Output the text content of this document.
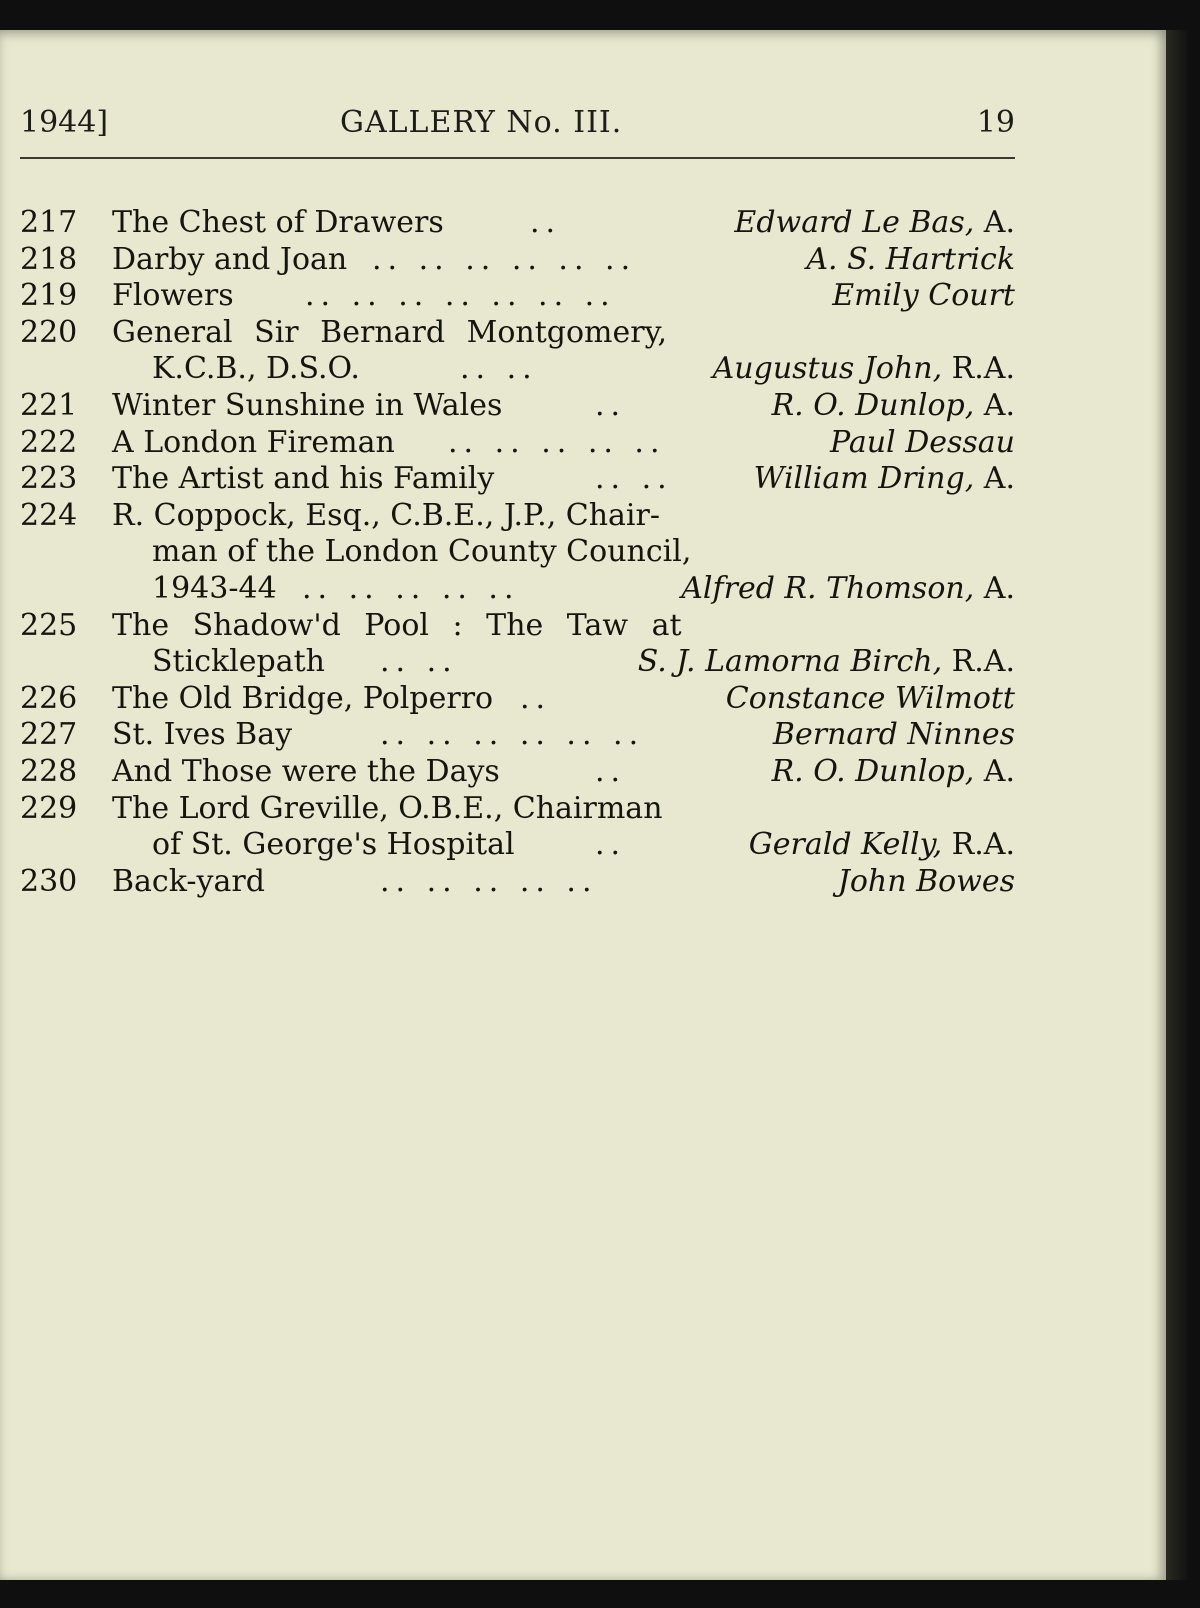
1944]	GALLERY No. III.	19
217 The Chest of Drawers	..	Edward Le Bas, A.
218 Darby and Joan .. .. .. .. .. ..	A. S. Hartrick
219 Flowers .. .. .. .. .. .. ..	Emily Court
220 General Sir Bernard Montgomery,
K.C.B., D.S.O.	.. ..	Augustus John, R.A.
221 Winter Sunshine in Wales	..	R. O. Dunlop, A.
222 A London Fireman .. .. .. .. ..	Paul Dessau
223 The Artist and his Family	.. ..	William Dring, A.
224 R. Coppock, Esq., C.B.E., J.P., Chair-
man of the London County Council,
1943-44 .. .. .. .. ..	Alfred R. Thomson, A.
225 The Shadow'd Pool : The Taw at
Sticklepath .. ..	S. J. Lamorna Birch, R.A.
226 The Old Bridge, Polperro ..	Constance Wilmott
227 St. Ives Bay	.. .. .. .. .. ..	Bernard Ninnes
228 And Those were the Days	..	R. O. Dunlop, A.
229 The Lord Greville, O.B.E., Chairman
of St. George's Hospital	..	Gerald Kelly, R.A.
230 Back-yard	.. .. .. .. ..	John Bowes
